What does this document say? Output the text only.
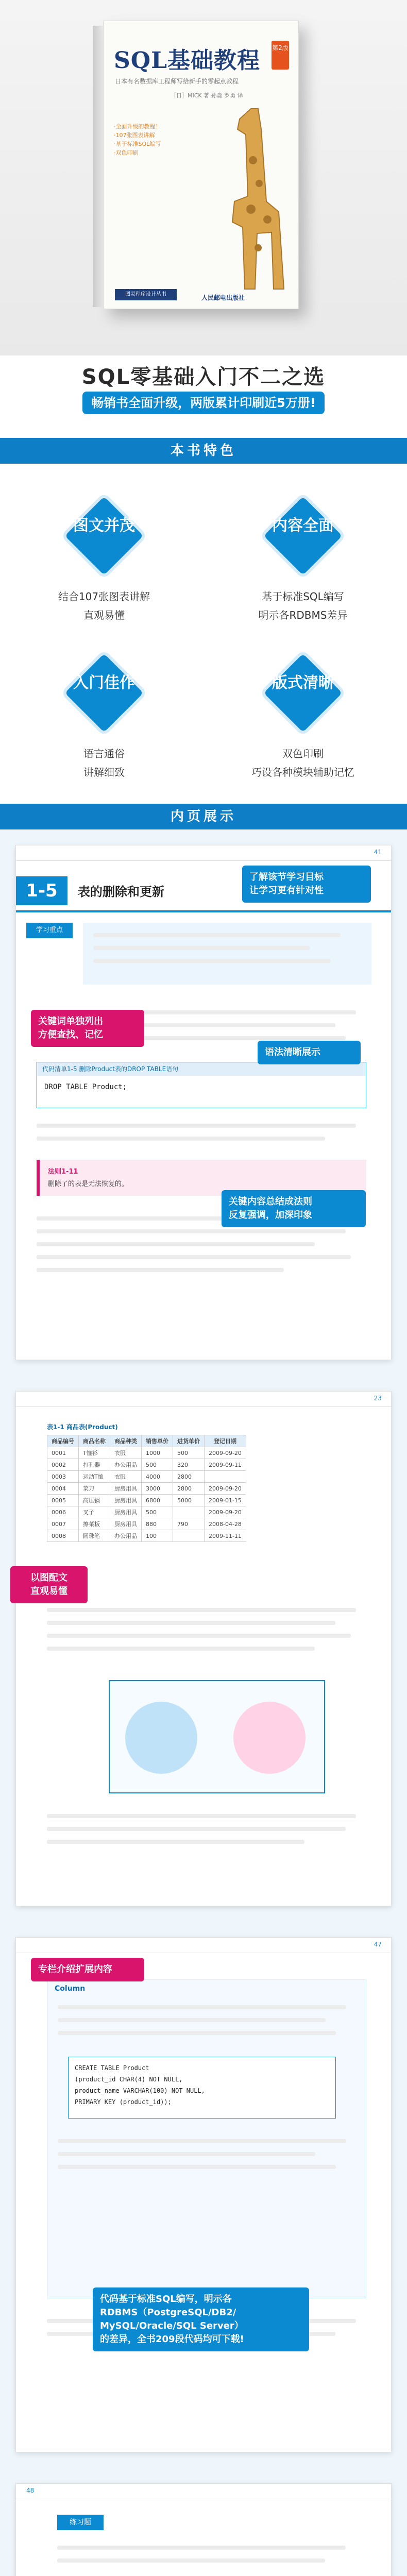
SQL基础教程	第2版
日本有名数据库工程师写给新手的零起点教程
［日］MICK 著 孙淼 罗勇 译
·全面升级的教程！
·107张图表讲解
·基于标准SQL编写
·双色印刷
图灵程序设计丛书	人民邮电出版社
SQL零基础入门不二之选
畅销书全面升级，两版累计印刷近5万册!
本书特色
图文并茂
结合107张图表讲解
直观易懂
内容全面
基于标准SQL编写
明示各RDBMS差异
入门佳作
语言通俗
讲解细致
版式清晰
双色印刷
巧设各种模块辅助记忆
内页展示
41
1-5	表的删除和更新
学习重点
代码清单1-5 删除Product表的DROP TABLE语句
DROP TABLE Product;
法则1-11
删除了的表是无法恢复的。
了解该节学习目标
让学习更有针对性
关键词单独列出
方便查找、记忆
语法清晰展示
关键内容总结成法则
反复强调，加深印象
23
表1-1 商品表(Product)
商品编号	商品名称	商品种类	销售单价	进货单价	登记日期
0001	T恤衫	衣服	1000	500	2009-09-20
0002	打孔器	办公用品	500	320	2009-09-11
0003	运动T恤	衣服	4000	2800	
0004	菜刀	厨房用具	3000	2800	2009-09-20
0005	高压锅	厨房用具	6800	5000	2009-01-15
0006	叉子	厨房用具	500		2009-09-20
0007	擦菜板	厨房用具	880	790	2008-04-28
0008	圆珠笔	办公用品	100		2009-11-11
以图配文
直观易懂
47
Column
CREATE TABLE Product
(product_id CHAR(4) NOT NULL,
product_name VARCHAR(100) NOT NULL,
PRIMARY KEY (product_id));
专栏介绍扩展内容
代码基于标准SQL编写，明示各
RDBMS（PostgreSQL/DB2/
MySQL/Oracle/SQL Server）
的差异，全书209段代码均可下载!
48
练习题
